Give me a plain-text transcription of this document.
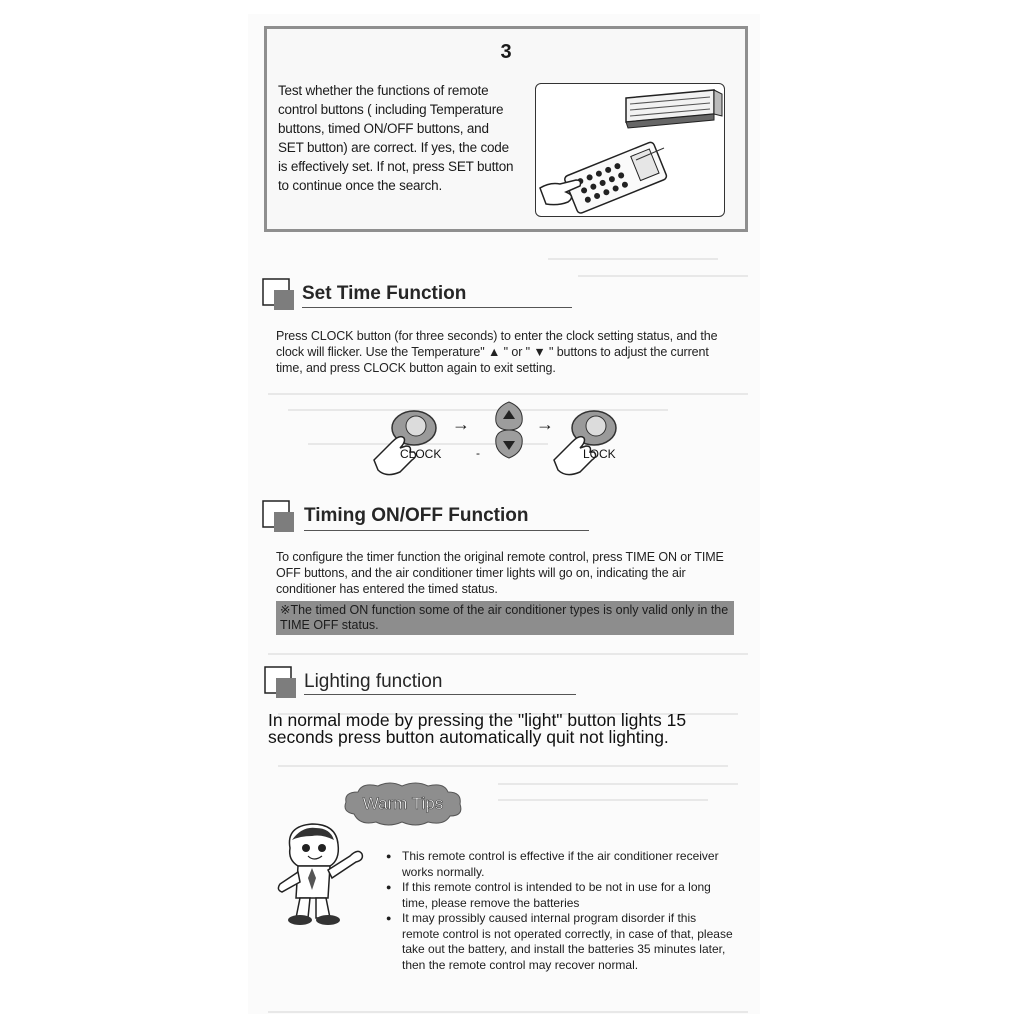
3
Test whether the functions of remote control buttons ( including Temperature buttons, timed ON/OFF buttons, and SET button) are correct. If yes, the code is effectively set. If not, press SET button to continue once the search.
Set Time Function
Press CLOCK button (for three seconds) to enter the clock setting status, and the clock will flicker. Use the Temperature" ▲ " or " ▼ " buttons to adjust the current time, and press CLOCK button again to exit setting.
CLOCK
→
-
→
LOCK
Timing ON/OFF Function
To configure the timer function the original remote control, press TIME ON or TIME OFF buttons, and the air conditioner timer lights will go on, indicating the air conditioner has entered the timed status.
※The timed ON function some of the air conditioner types is only valid only in the TIME OFF status.
Lighting function
In normal mode by pressing the "light" button lights 15 seconds press button automatically quit not lighting.
Warm Tips
● This remote control is effective if the air conditioner receiver works normally.
● If this remote control is intended to be not in use for a long time, please remove the batteries
● It may prossibly caused internal program disorder if this remote control is not operated correctly, in case of that, please take out the battery, and install the batteries 35 minutes later, then the remote control may recover normal.
